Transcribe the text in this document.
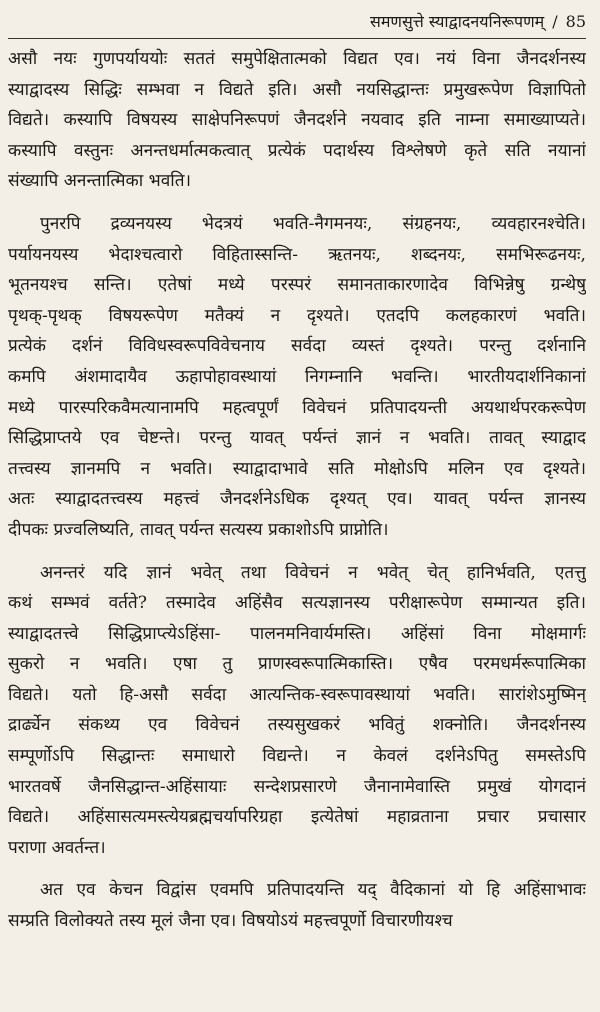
समणसुत्ते स्याद्वादनयनिरूपणम् / 85
असौ नयः गुणपर्याययोः सततं समुपेक्षितात्मको विद्यत एव। नयं विना जैनदर्शनस्य
स्याद्वादस्य सिद्धिः सम्भवा न विद्यते इति। असौ नयसिद्धान्तः प्रमुखरूपेण विज्ञापितो
विद्यते। कस्यापि विषयस्य साक्षेपनिरूपणं जैनदर्शने नयवाद इति नाम्ना समाख्याप्यते।
कस्यापि वस्तुनः अनन्तधर्मात्मकत्वात् प्रत्येकं पदार्थस्य विश्लेषणे कृते सति नयानां
संख्यापि अनन्तात्मिका भवति।
पुनरपि द्रव्यनयस्य भेदत्रयं भवति-नैगमनयः, संग्रहनयः, व्यवहारनश्चेति।
पर्यायनयस्य भेदाश्चत्वारो विहितास्सन्ति- ऋतनयः, शब्दनयः, समभिरूढनयः,
भूतनयश्च सन्ति। एतेषां मध्ये परस्परं समानताकारणादेव विभिन्नेषु ग्रन्थेषु
पृथक्-पृथक् विषयरूपेण मतैक्यं न दृश्यते। एतदपि कलहकारणं भवति।
प्रत्येकं दर्शनं विविधस्वरूपविवेचनाय सर्वदा व्यस्तं दृश्यते। परन्तु दर्शनानि
कमपि अंशमादायैव ऊहापोहावस्थायां निगम्नानि भवन्ति। भारतीयदार्शनिकानां
मध्ये पारस्परिकवैमत्यानामपि महत्वपूर्णं विवेचनं प्रतिपादयन्ती अयथार्थपरकरूपेण
सिद्धिप्राप्तये एव चेष्टन्ते। परन्तु यावत् पर्यन्तं ज्ञानं न भवति। तावत् स्याद्वाद
तत्त्वस्य ज्ञानमपि न भवति। स्याद्वादाभावे सति मोक्षोऽपि मलिन एव दृश्यते।
अतः स्याद्वादतत्त्वस्य महत्त्वं जैनदर्शनेऽधिक दृश्यत् एव। यावत् पर्यन्त ज्ञानस्य
दीपकः प्रज्वलिष्यति, तावत् पर्यन्त सत्यस्य प्रकाशोऽपि प्राप्नोति।
अनन्तरं यदि ज्ञानं भवेत् तथा विवेचनं न भवेत् चेत् हानिर्भवति, एतत्तु
कथं सम्भवं वर्तते? तस्मादेव अहिंसैव सत्यज्ञानस्य परीक्षारूपेण सम्मान्यत इति।
स्याद्वादतत्त्वे सिद्धिप्राप्त्येऽहिंसा- पालनमनिवार्यमस्ति। अहिंसां विना मोक्षमार्गः
सुकरो न भवति। एषा तु प्राणस्वरूपात्मिकास्ति। एषैव परमधर्मरूपात्मिका
विद्यते। यतो हि-असौ सर्वदा आत्यन्तिक-स्वरूपावस्थायां भवति। सारांशेऽमुष्मिन्
द्रार्ढ्येन संकथ्य एव विवेचनं तस्यसुखकरं भवितुं शक्नोति। जैनदर्शनस्य
सम्पूर्णोऽपि सिद्धान्तः समाधारो विद्यन्ते। न केवलं दर्शनेऽपितु समस्तेऽपि
भारतवर्षे जैनसिद्धान्त-अहिंसायाः सन्देशप्रसारणे जैनानामेवास्ति प्रमुखं योगदानं
विद्यते। अहिंसासत्यमस्त्येयब्रह्मचर्यापरिग्रहा इत्येतेषां महाव्रताना प्रचार प्रचासार
पराणा अवर्तन्त।
अत एव केचन विद्वांस एवमपि प्रतिपादयन्ति यद् वैदिकानां यो हि अहिंसाभावः
सम्प्रति विलोक्यते तस्य मूलं जैना एव। विषयोऽयं महत्त्वपूर्णो विचारणीयश्च
